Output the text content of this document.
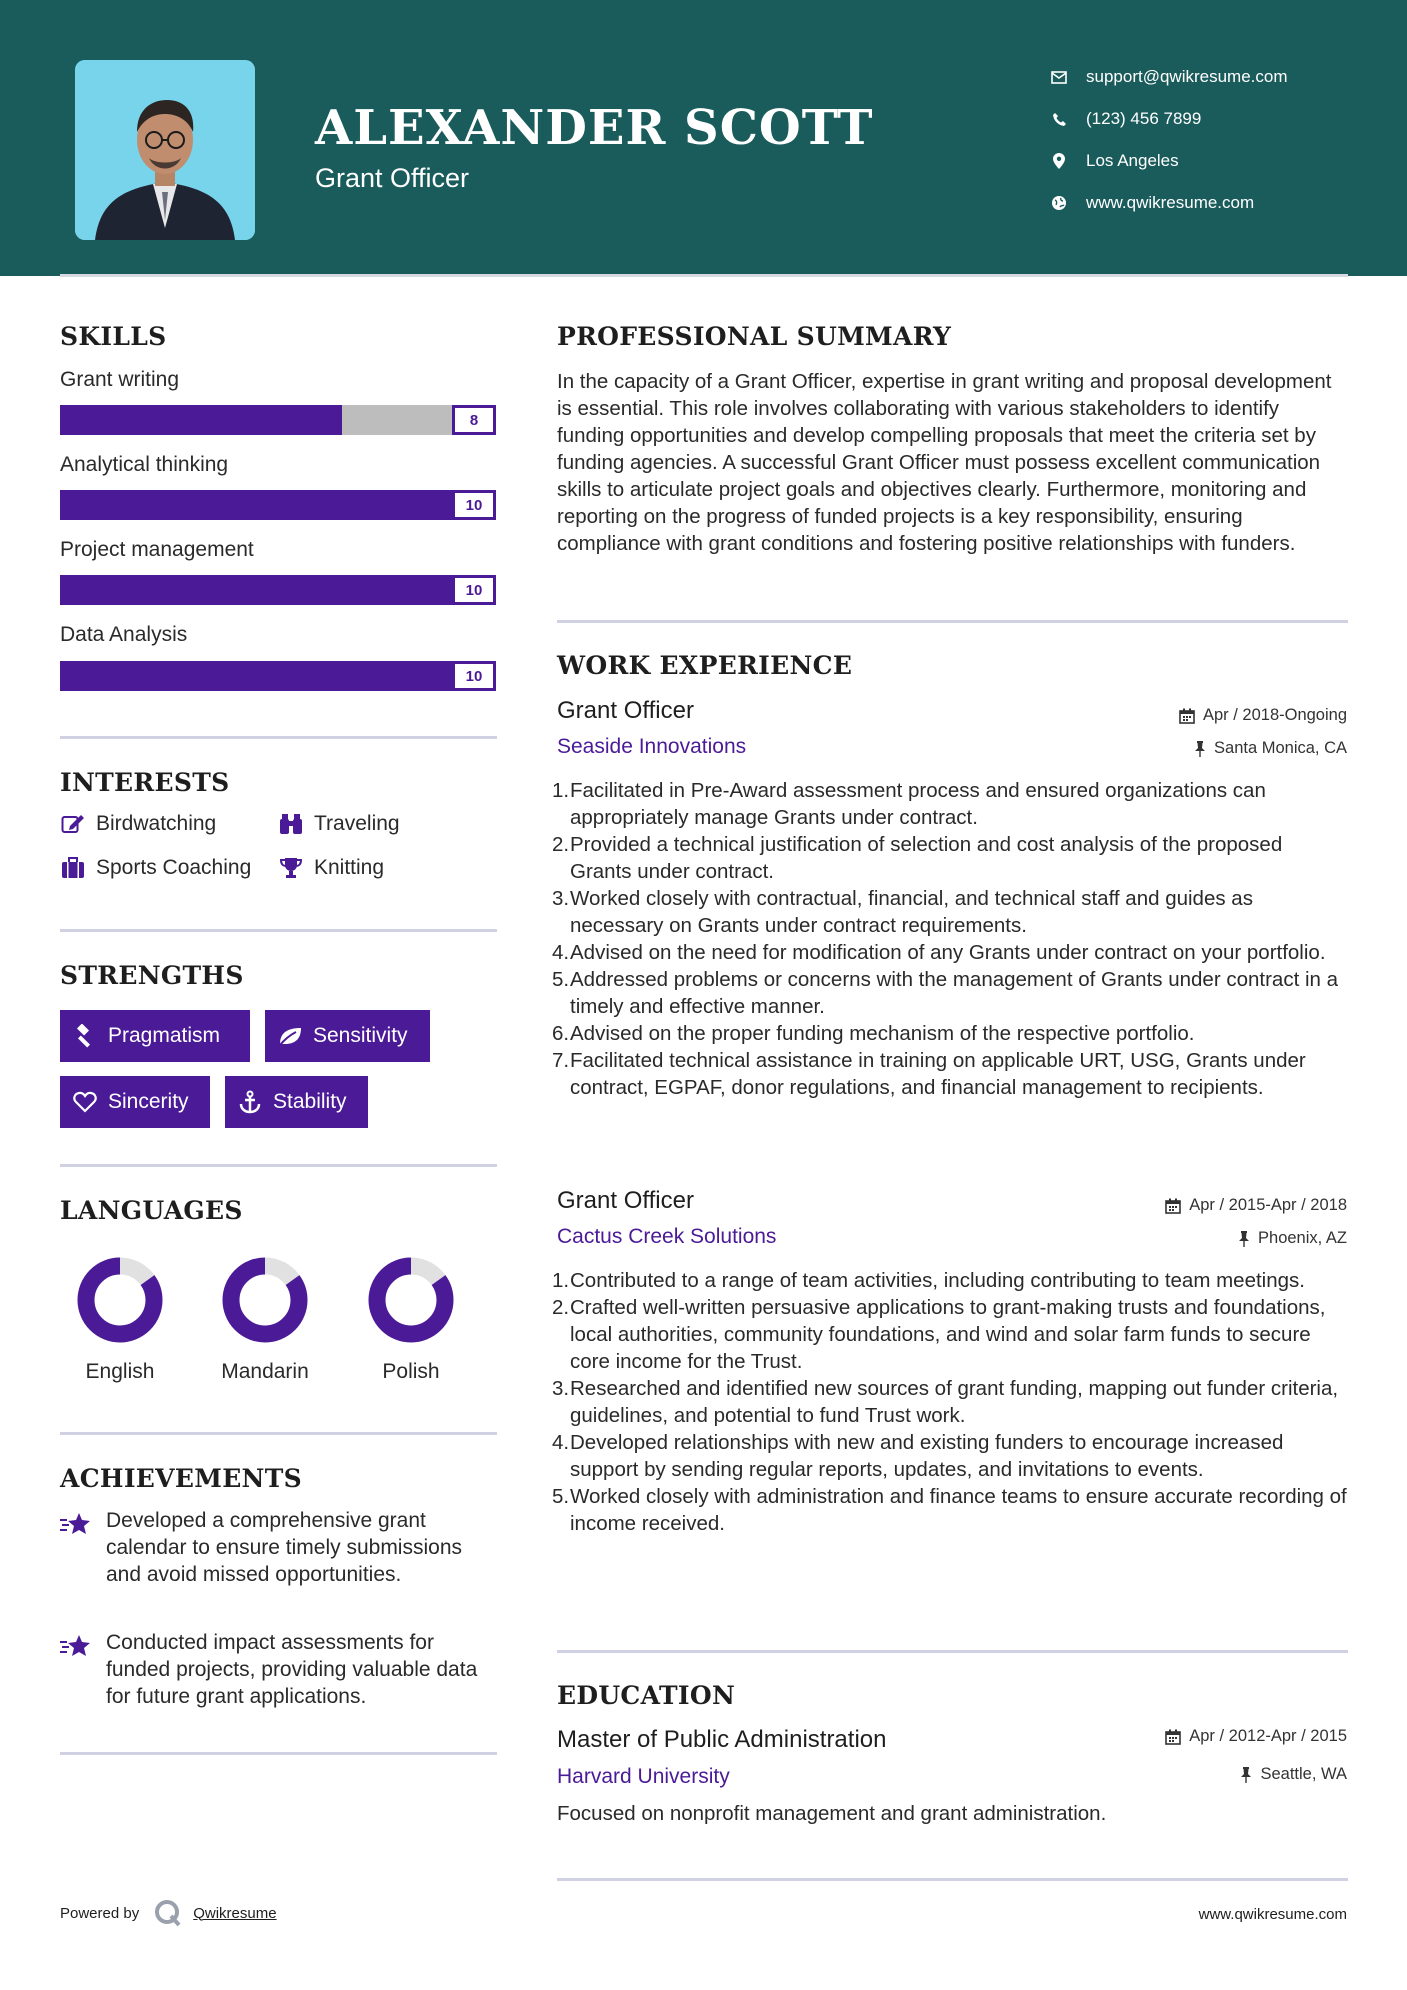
ALEXANDER SCOTT
Grant Officer
support@qwikresume.com
(123) 456 7899
Los Angeles
www.qwikresume.com
SKILLS
Grant writing
8
Analytical thinking
10
Project management
10
Data Analysis
10
INTERESTS
Birdwatching	Traveling
Sports Coaching	Knitting
STRENGTHS
Pragmatism	Sensitivity
Sincerity	Stability
LANGUAGES
English	Mandarin	Polish
ACHIEVEMENTS
Developed a comprehensive grant calendar to ensure timely submissions and avoid missed opportunities.
Conducted impact assessments for funded projects, providing valuable data for future grant applications.
PROFESSIONAL SUMMARY
In the capacity of a Grant Officer, expertise in grant writing and proposal development is essential. This role involves collaborating with various stakeholders to identify funding opportunities and develop compelling proposals that meet the criteria set by funding agencies. A successful Grant Officer must possess excellent communication skills to articulate project goals and objectives clearly. Furthermore, monitoring and reporting on the progress of funded projects is a key responsibility, ensuring compliance with grant conditions and fostering positive relationships with funders.
WORK EXPERIENCE
Grant Officer	Apr / 2018-Ongoing
Seaside Innovations	Santa Monica, CA
1. Facilitated in Pre-Award assessment process and ensured organizations can appropriately manage Grants under contract.
2. Provided a technical justification of selection and cost analysis of the proposed Grants under contract.
3. Worked closely with contractual, financial, and technical staff and guides as necessary on Grants under contract requirements.
4. Advised on the need for modification of any Grants under contract on your portfolio.
5. Addressed problems or concerns with the management of Grants under contract in a timely and effective manner.
6. Advised on the proper funding mechanism of the respective portfolio.
7. Facilitated technical assistance in training on applicable URT, USG, Grants under contract, EGPAF, donor regulations, and financial management to recipients.
Grant Officer	Apr / 2015-Apr / 2018
Cactus Creek Solutions	Phoenix, AZ
1. Contributed to a range of team activities, including contributing to team meetings.
2. Crafted well-written persuasive applications to grant-making trusts and foundations, local authorities, community foundations, and wind and solar farm funds to secure core income for the Trust.
3. Researched and identified new sources of grant funding, mapping out funder criteria, guidelines, and potential to fund Trust work.
4. Developed relationships with new and existing funders to encourage increased support by sending regular reports, updates, and invitations to events.
5. Worked closely with administration and finance teams to ensure accurate recording of income received.
EDUCATION
Master of Public Administration	Apr / 2012-Apr / 2015
Harvard University	Seattle, WA
Focused on nonprofit management and grant administration.
Powered by	Qwikresume	www.qwikresume.com
